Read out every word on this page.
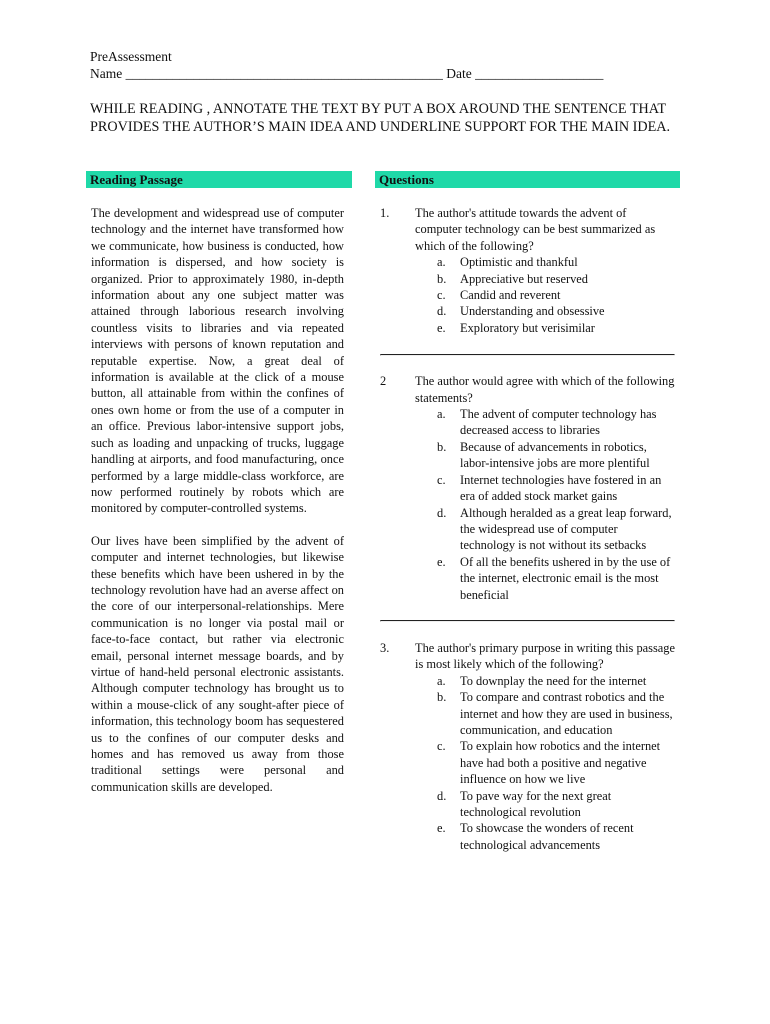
PreAssessment
Name _______________________________________________ Date ___________________
WHILE READING , ANNOTATE THE TEXT BY PUT A BOX AROUND THE SENTENCE THAT PROVIDES THE AUTHOR’S MAIN IDEA AND UNDERLINE SUPPORT FOR THE MAIN IDEA.
Reading Passage	Questions

The development and widespread use of computer technology and the internet have transformed how we communicate, how business is conducted, how information is dispersed, and how society is organized. Prior to approximately 1980, in-depth information about any one subject matter was attained through laborious research involving countless visits to libraries and via repeated interviews with persons of known reputation and reputable expertise. Now, a great deal of information is available at the click of a mouse button, all attainable from within the confines of ones own home or from the use of a computer in an office. Previous labor-intensive support jobs, such as loading and unpacking of trucks, luggage handling at airports, and food manufacturing, once performed by a large middle-class workforce, are now performed routinely by robots which are monitored by computer-controlled systems.

Our lives have been simplified by the advent of computer and internet technologies, but likewise these benefits which have been ushered in by the technology revolution have had an averse affect on the core of our interpersonal-relationships. Mere communication is no longer via postal mail or face-to-face contact, but rather via electronic email, personal internet message boards, and by virtue of hand-held personal electronic assistants. Although computer technology has brought us to within a mouse-click of any sought-after piece of information, this technology boom has sequestered us to the confines of our computer desks and homes and has removed us away from those traditional settings were personal and communication skills are developed.

1. The author's attitude towards the advent of computer technology can be best summarized as which of the following?
a. Optimistic and thankful
b. Appreciative but reserved
c. Candid and reverent
d. Understanding and obsessive
e. Exploratory but verisimilar
2 The author would agree with which of the following statements?
a. The advent of computer technology has decreased access to libraries
b. Because of advancements in robotics, labor-intensive jobs are more plentiful
c. Internet technologies have fostered in an era of added stock market gains
d. Although heralded as a great leap forward, the widespread use of computer technology is not without its setbacks
e. Of all the benefits ushered in by the use of the internet, electronic email is the most beneficial
3. The author's primary purpose in writing this passage is most likely which of the following?
a. To downplay the need for the internet
b. To compare and contrast robotics and the internet and how they are used in business, communication, and education
c. To explain how robotics and the internet have had both a positive and negative influence on how we live
d. To pave way for the next great technological revolution
e. To showcase the wonders of recent technological advancements
